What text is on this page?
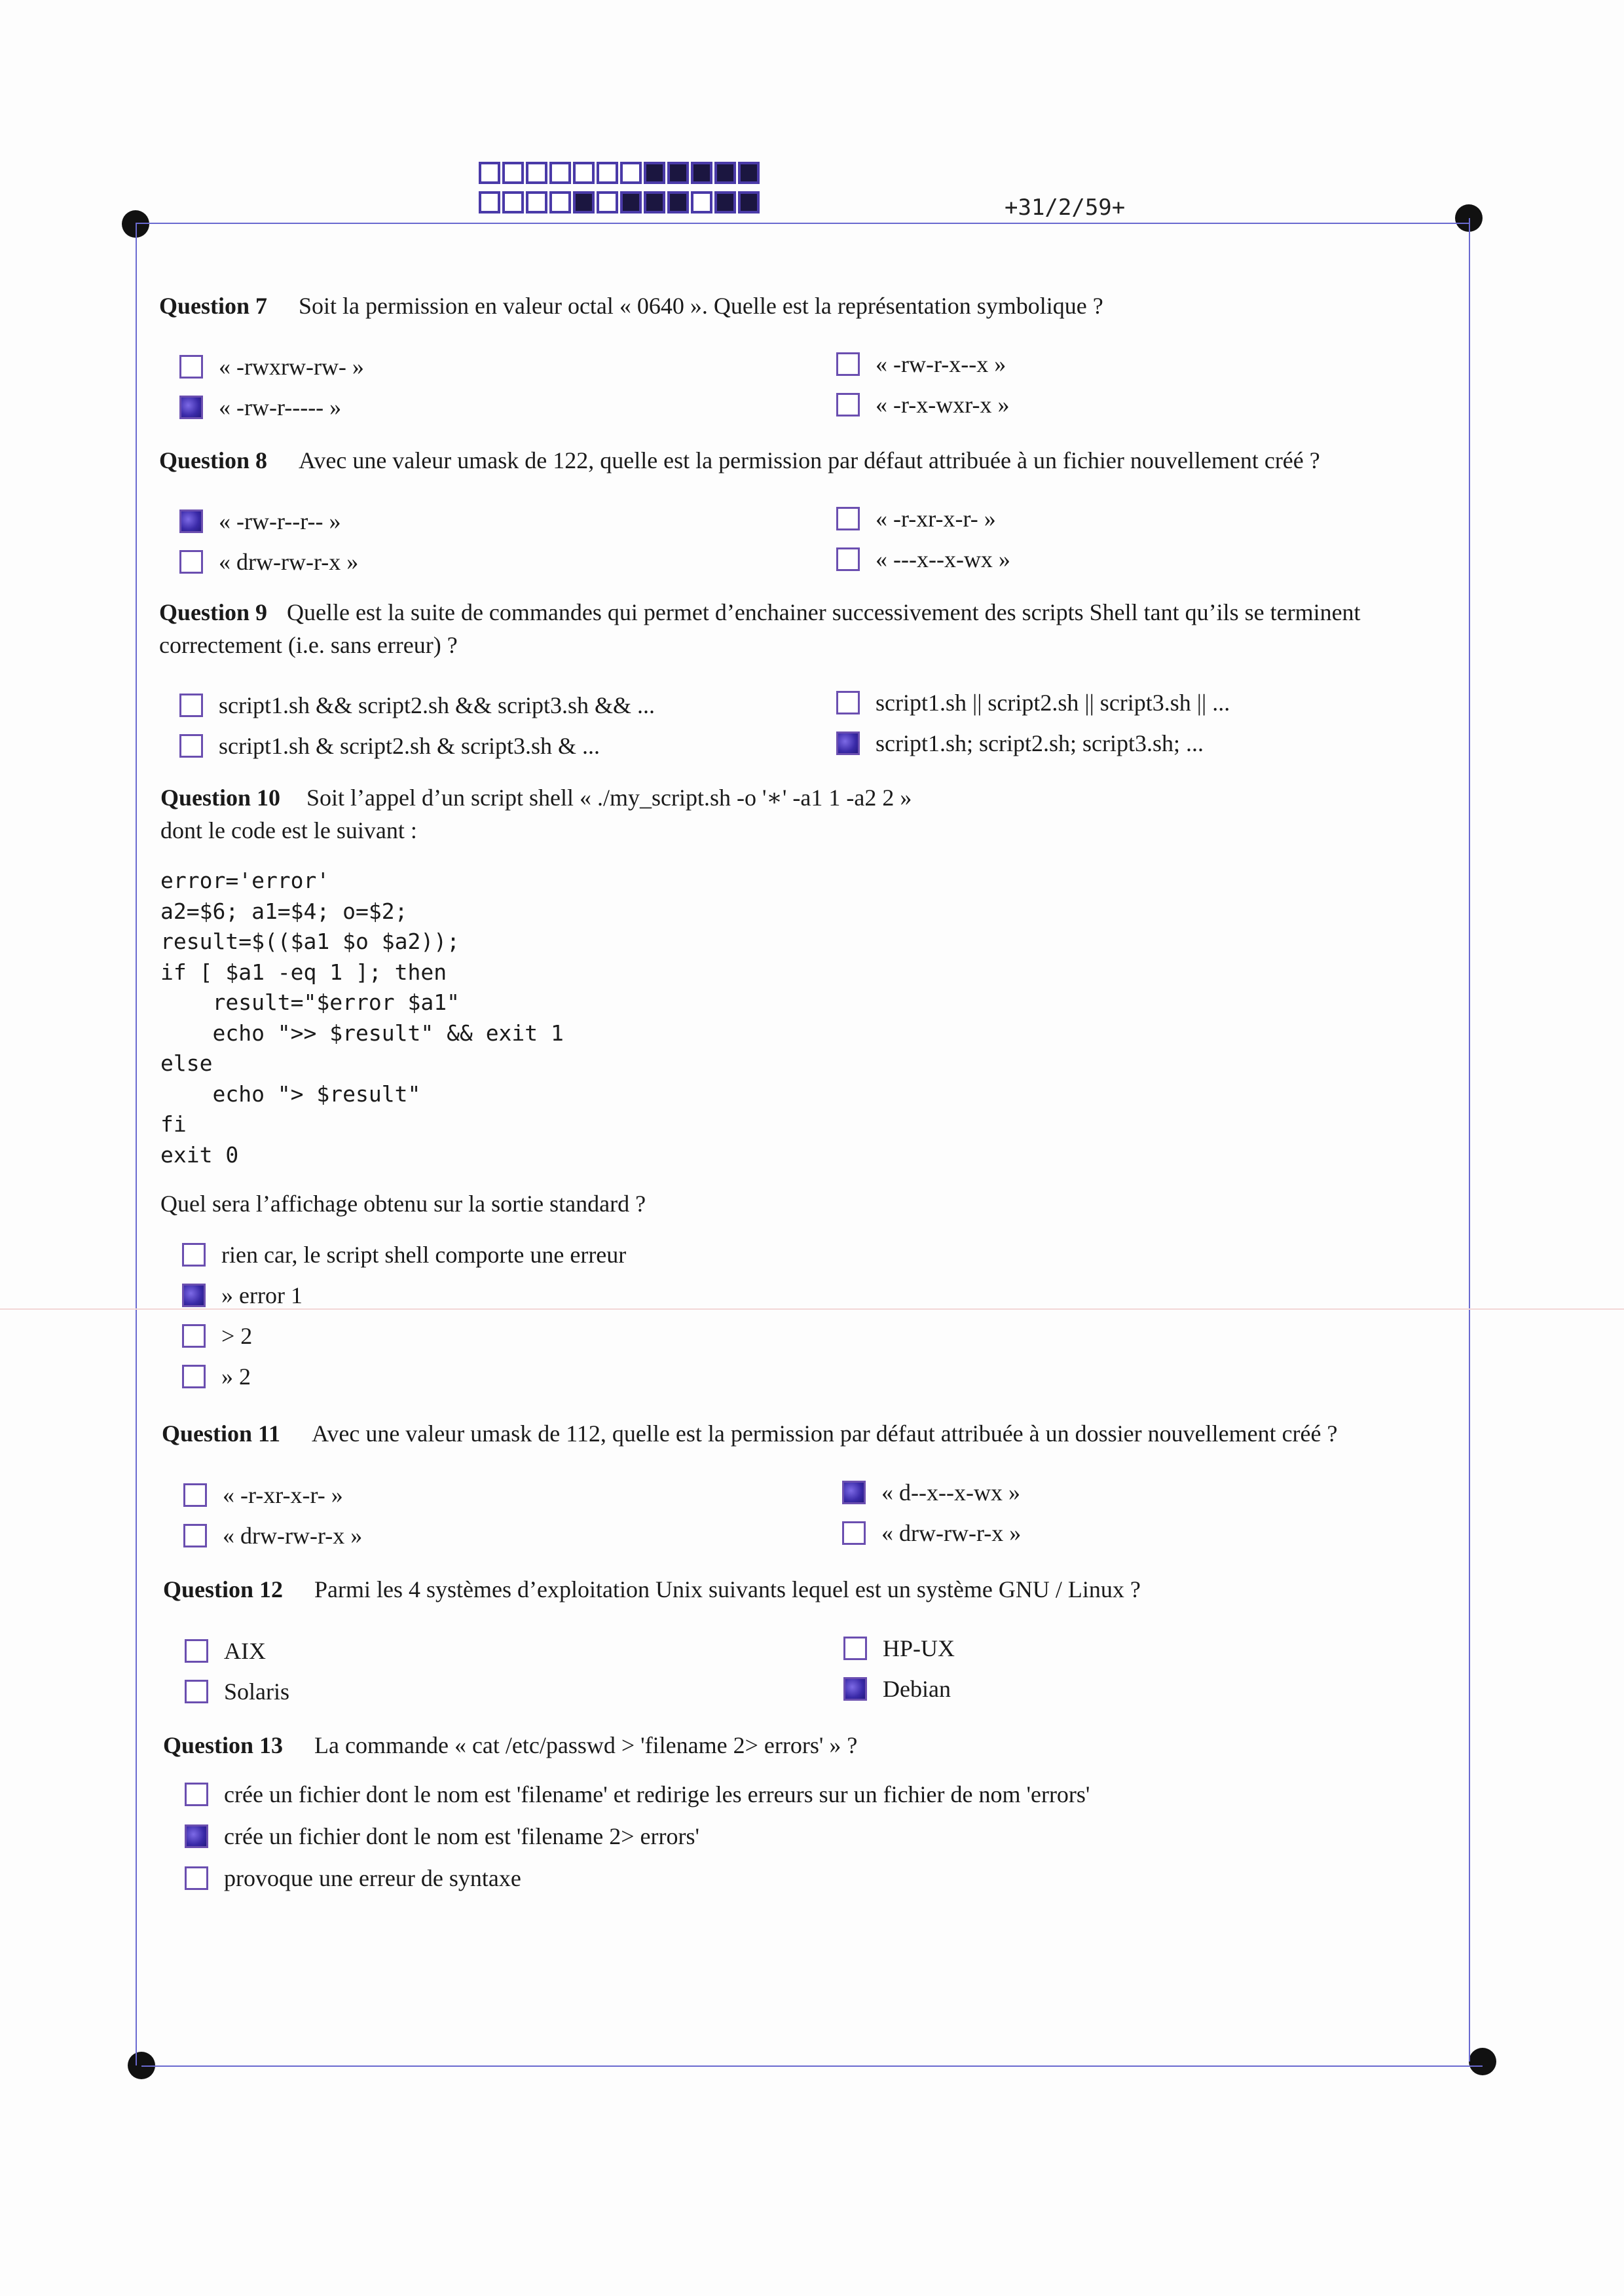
+31/2/59+
Question 7 Soit la permission en valeur octal « 0640 ». Quelle est la représentation symbolique ?
« -rwxrw-rw- »
« -rw-r----- »
« -rw-r-x--x »
« -r-x-wxr-x »
Question 8 Avec une valeur umask de 122, quelle est la permission par défaut attribuée à un fichier nouvellement créé ?
« -rw-r--r-- »
« drw-rw-r-x »
« -r-xr-x-r- »
« ---x--x-wx »
Question 9 Quelle est la suite de commandes qui permet d’enchainer successivement des scripts Shell tant qu’ils se terminent
correctement (i.e. sans erreur) ?
script1.sh && script2.sh && script3.sh && ...
script1.sh & script2.sh & script3.sh & ...
script1.sh || script2.sh || script3.sh || ...
script1.sh; script2.sh; script3.sh; ...
Question 10 Soit l’appel d’un script shell « ./my_script.sh -o '∗' -a1 1 -a2 2 »
dont le code est le suivant :
error='error'
a2=$6; a1=$4; o=$2;
result=$(($a1 $o $a2));
if [ $a1 -eq 1 ]; then
result="$error $a1"
echo ">> $result" && exit 1
else
echo "> $result"
fi
exit 0
Quel sera l’affichage obtenu sur la sortie standard ?
rien car, le script shell comporte une erreur
» error 1
> 2
» 2
Question 11 Avec une valeur umask de 112, quelle est la permission par défaut attribuée à un dossier nouvellement créé ?
« -r-xr-x-r- »
« drw-rw-r-x »
« d--x--x-wx »
« drw-rw-r-x »
Question 12 Parmi les 4 systèmes d’exploitation Unix suivants lequel est un système GNU / Linux ?
AIX
Solaris
HP-UX
Debian
Question 13 La commande « cat /etc/passwd > 'filename 2> errors' » ?
crée un fichier dont le nom est 'filename' et redirige les erreurs sur un fichier de nom 'errors'
crée un fichier dont le nom est 'filename 2> errors'
provoque une erreur de syntaxe
